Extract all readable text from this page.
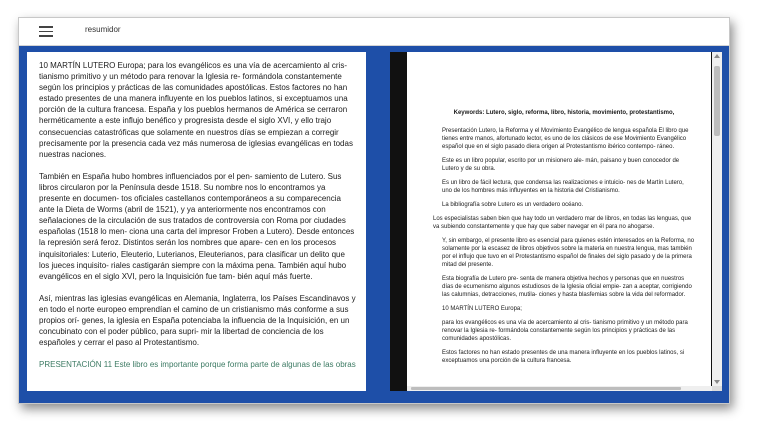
resumidor

10 MARTÍN LUTERO Europa; para los evangélicos es una vía de acercamiento al cris- tianismo primitivo y un método para renovar la Iglesia re- formándola constantemente según los principios y prácticas de las comunidades apostólicas. Estos factores no han estado presentes de una manera influyente en los pueblos latinos, si exceptuamos una porción de la cultura francesa. España y los pueblos hermanos de América se cerraron herméticamente a este influjo benéfico y progresista desde el siglo XVI, y ello trajo consecuencias catastróficas que solamente en nuestros días se empiezan a corregir precisamente por la presencia cada vez más numerosa de iglesias evangélicas en todas nuestras naciones.

También en España hubo hombres influenciados por el pen- samiento de Lutero. Sus libros circularon por la Península desde 1518. Su nombre nos lo encontramos ya presente en documen- tos oficiales castellanos contemporáneos a su comparecencia ante la Dieta de Worms (abril de 1521), y ya anteriormente nos encontramos con señalaciones de la circulación de sus tratados de controversia con Roma por ciudades españolas (1518 lo men- ciona una carta del impresor Froben a Lutero). Desde entonces la represión será feroz. Distintos serán los nombres que apare- cen en los procesos inquisitoriales: Luterio, Eleuterio, Luterianos, Eleuterianos, para clasificar un delito que los jueces inquisito- riales castigarán siempre con la máxima pena. También aquí hubo evangélicos en el siglo XVI, pero la Inquisición fue tam- bién aquí más fuerte.

Así, mientras las iglesias evangélicas en Alemania, Inglaterra, los Países Escandinavos y en todo el norte europeo emprendían el camino de un cristianismo más conforme a sus propios orí- genes, la iglesia en España potenciaba la influencia de la Inquisición, en un concubinato con el poder público, para supri- mir la libertad de conciencia de los españoles y cerrar el paso al Protestantismo.

PRESENTACIÓN 11 Este libro es importante porque forma parte de algunas de las obras

Keywords: Lutero, siglo, reforma, libro, historia, movimiento, protestantismo,

Presentación Lutero, la Reforma y el Movimiento Evangélico de lengua española El libro que tienes entre manos, afortunado lector, es uno de los clásicos de ese Movimiento Evangélico español que en el siglo pasado diera origen al Protestantismo ibérico contempo- ráneo.

Este es un libro popular, escrito por un misionero ale- mán, paisano y buen conocedor de Lutero y de su obra.

Es un libro de fácil lectura, que condensa las realizaciones e intuicio- nes de Martín Lutero, uno de los hombres más influyentes en la historia del Cristianismo.

La bibliografía sobre Lutero es un verdadero océano.

Los especialistas saben bien que hay todo un verdadero mar de libros, en todas las lenguas, que va subiendo constantemente y que hay que saber navegar en él para no ahogarse.

Y, sin embargo, el presente libro es esencial para quienes estén interesados en la Reforma, no solamente por la escasez de libros objetivos sobre la materia en nuestra lengua, mas también por el influjo que tuvo en el Protestantismo español de finales del siglo pasado y de la primera mitad del presente.

Esta biografía de Lutero pre- senta de manera objetiva hechos y personas que en nuestros días de ecumenismo algunos estudiosos de la Iglesia oficial empie- zan a aceptar, corrigiendo las calumnias, detracciones, mutila- ciones y hasta blasfemias sobre la vida del reformador.

10 MARTÍN LUTERO Europa;

para los evangélicos es una vía de acercamiento al cris- tianismo primitivo y un método para renovar la Iglesia re- formándola constantemente según los principios y prácticas de las comunidades apostólicas.

Estos factores no han estado presentes de una manera influyente en los pueblos latinos, si exceptuamos una porción de la cultura francesa.
